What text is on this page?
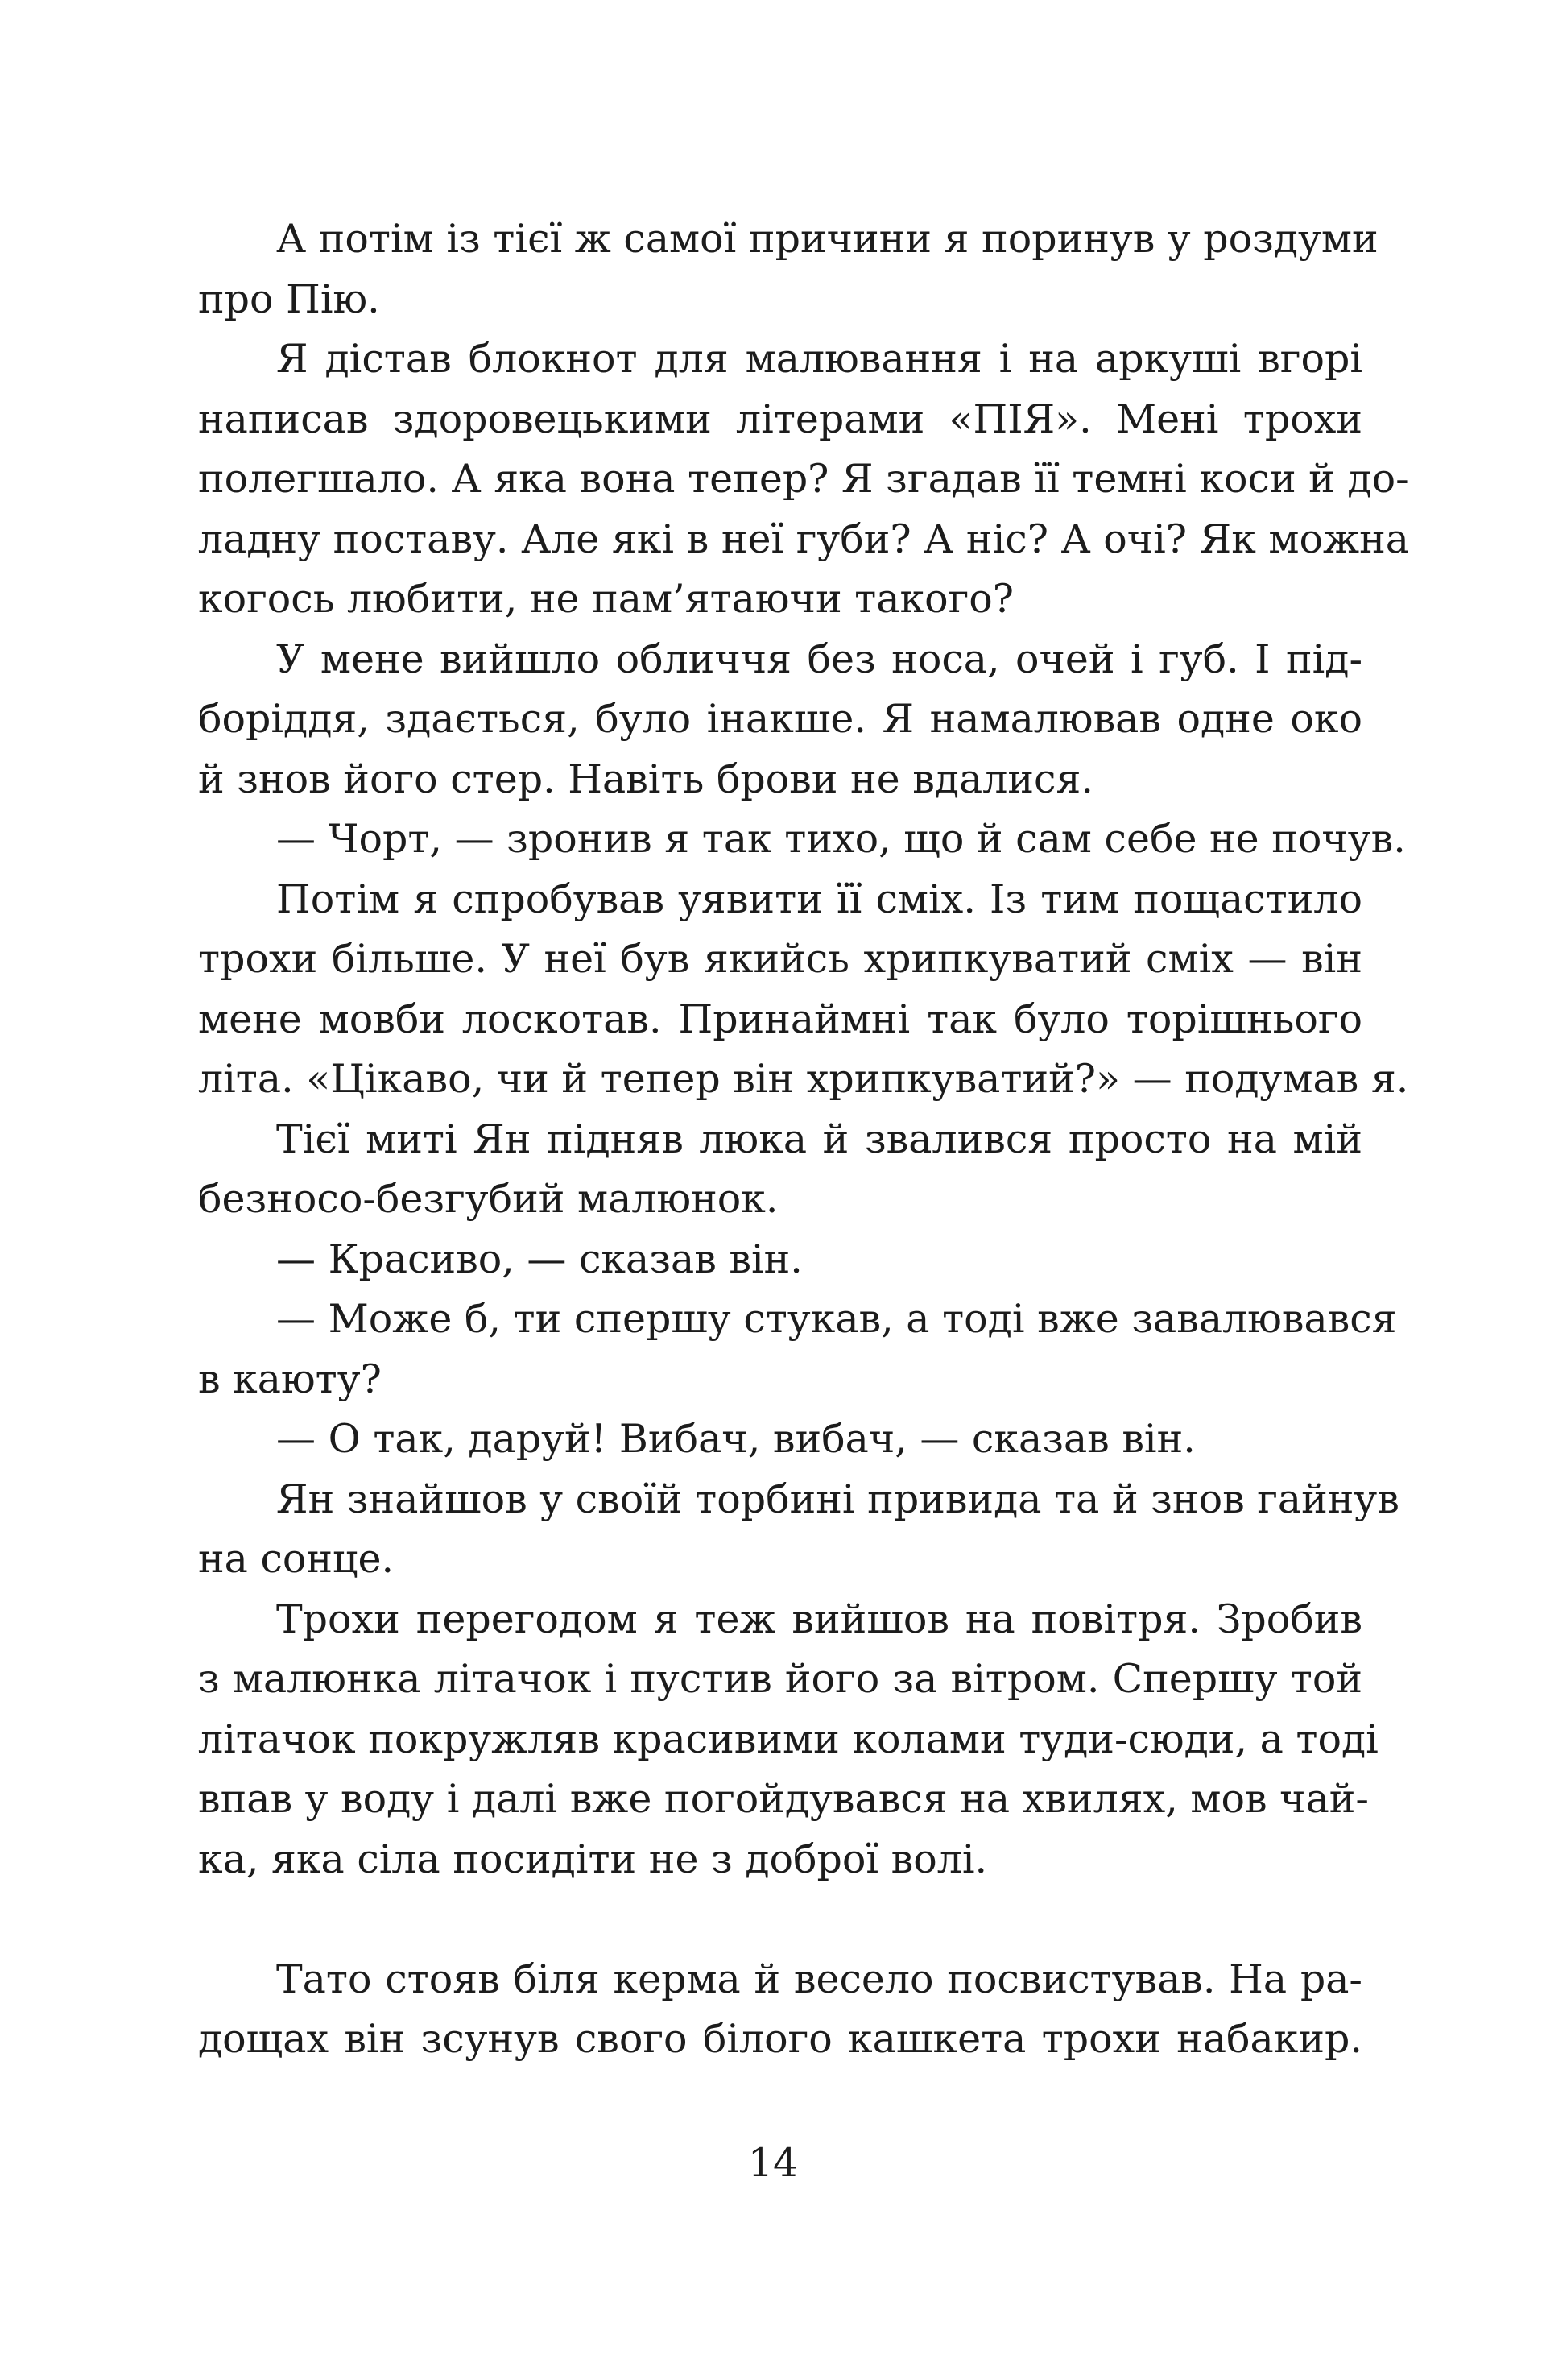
А потім із тієї ж самої причини я поринув у роздуми
про Пію.
Я дістав блокнот для малювання і на аркуші вгорі
написав здоровецькими літерами «ПІЯ». Мені трохи
полегшало. А яка вона тепер? Я згадав її темні коси й до-
ладну поставу. Але які в неї губи? А ніс? А очі? Як можна
когось любити, не пам’ятаючи такого?
У мене вийшло обличчя без носа, очей і губ. І під-
боріддя, здається, було інакше. Я намалював одне око
й знов його стер. Навіть брови не вдалися.
— Чорт, — зронив я так тихо, що й сам себе не почув.
Потім я спробував уявити її сміх. Із тим пощастило
трохи більше. У неї був якийсь хрипкуватий сміх — він
мене мовби лоскотав. Принаймні так було торішнього
літа. «Цікаво, чи й тепер він хрипкуватий?» — подумав я.
Тієї миті Ян підняв люка й звалився просто на мій
безносо-безгубий малюнок.
— Красиво, — сказав він.
— Може б, ти спершу стукав, а тоді вже завалювався
в каюту?
— О так, даруй! Вибач, вибач, — сказав він.
Ян знайшов у своїй торбині привида та й знов гайнув
на сонце.
Трохи перегодом я теж вийшов на повітря. Зробив
з малюнка літачок і пустив його за вітром. Спершу той
літачок покружляв красивими колами туди-сюди, а тоді
впав у воду і далі вже погойдувався на хвилях, мов чай-
ка, яка сіла посидіти не з доброї волі.
Тато стояв біля керма й весело посвистував. На ра-
дощах він зсунув свого білого кашкета трохи набакир.
14
